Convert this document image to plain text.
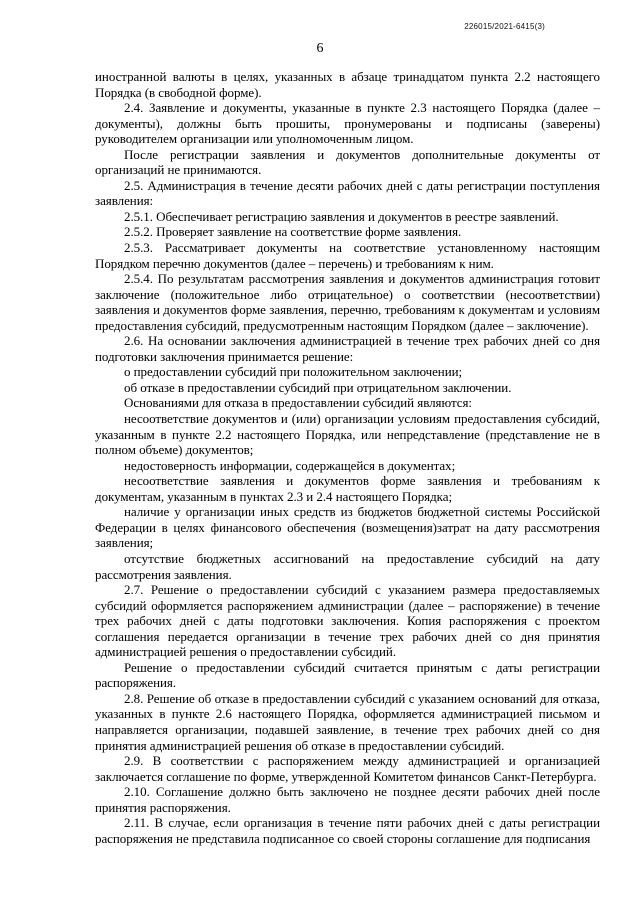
226015/2021-6415(3)
6

иностранной валюты в целях, указанных в абзаце тринадцатом пункта 2.2 настоящего Порядка (в свободной форме).

2.4. Заявление и документы, указанные в пункте 2.3 настоящего Порядка (далее – документы), должны быть прошиты, пронумерованы и подписаны (заверены) руководителем организации или уполномоченным лицом.

После регистрации заявления и документов дополнительные документы от организаций не принимаются.

2.5. Администрация в течение десяти рабочих дней с даты регистрации поступления заявления:

2.5.1. Обеспечивает регистрацию заявления и документов в реестре заявлений.

2.5.2. Проверяет заявление на соответствие форме заявления.

2.5.3. Рассматривает документы на соответствие установленному настоящим Порядком перечню документов (далее – перечень) и требованиям к ним.

2.5.4. По результатам рассмотрения заявления и документов администрация готовит заключение (положительное либо отрицательное) о соответствии (несоответствии) заявления и документов форме заявления, перечню, требованиям к документам и условиям предоставления субсидий, предусмотренным настоящим Порядком (далее – заключение).

2.6. На основании заключения администрацией в течение трех рабочих дней со дня подготовки заключения принимается решение:

о предоставлении субсидий при положительном заключении;

об отказе в предоставлении субсидий при отрицательном заключении.

Основаниями для отказа в предоставлении субсидий являются:

несоответствие документов и (или) организации условиям предоставления субсидий, указанным в пункте 2.2 настоящего Порядка, или непредставление (представление не в полном объеме) документов;

недостоверность информации, содержащейся в документах;

несоответствие заявления и документов форме заявления и требованиям к документам, указанным в пунктах 2.3 и 2.4 настоящего Порядка;

наличие у организации иных средств из бюджетов бюджетной системы Российской Федерации в целях финансового обеспечения (возмещения)затрат на дату рассмотрения заявления;

отсутствие бюджетных ассигнований на предоставление субсидий на дату рассмотрения заявления.

2.7. Решение о предоставлении субсидий с указанием размера предоставляемых субсидий оформляется распоряжением администрации (далее – распоряжение) в течение трех рабочих дней с даты подготовки заключения. Копия распоряжения с проектом соглашения передается организации в течение трех рабочих дней со дня принятия администрацией решения о предоставлении субсидий.

Решение о предоставлении субсидий считается принятым с даты регистрации распоряжения.

2.8. Решение об отказе в предоставлении субсидий с указанием оснований для отказа, указанных в пункте 2.6 настоящего Порядка, оформляется администрацией письмом и направляется организации, подавшей заявление, в течение трех рабочих дней со дня принятия администрацией решения об отказе в предоставлении субсидий.

2.9. В соответствии с распоряжением между администрацией и организацией заключается соглашение по форме, утвержденной Комитетом финансов Санкт-Петербурга.

2.10. Соглашение должно быть заключено не позднее десяти рабочих дней после принятия распоряжения.

2.11. В случае, если организация в течение пяти рабочих дней с даты регистрации распоряжения не представила подписанное со своей стороны соглашение для подписания
